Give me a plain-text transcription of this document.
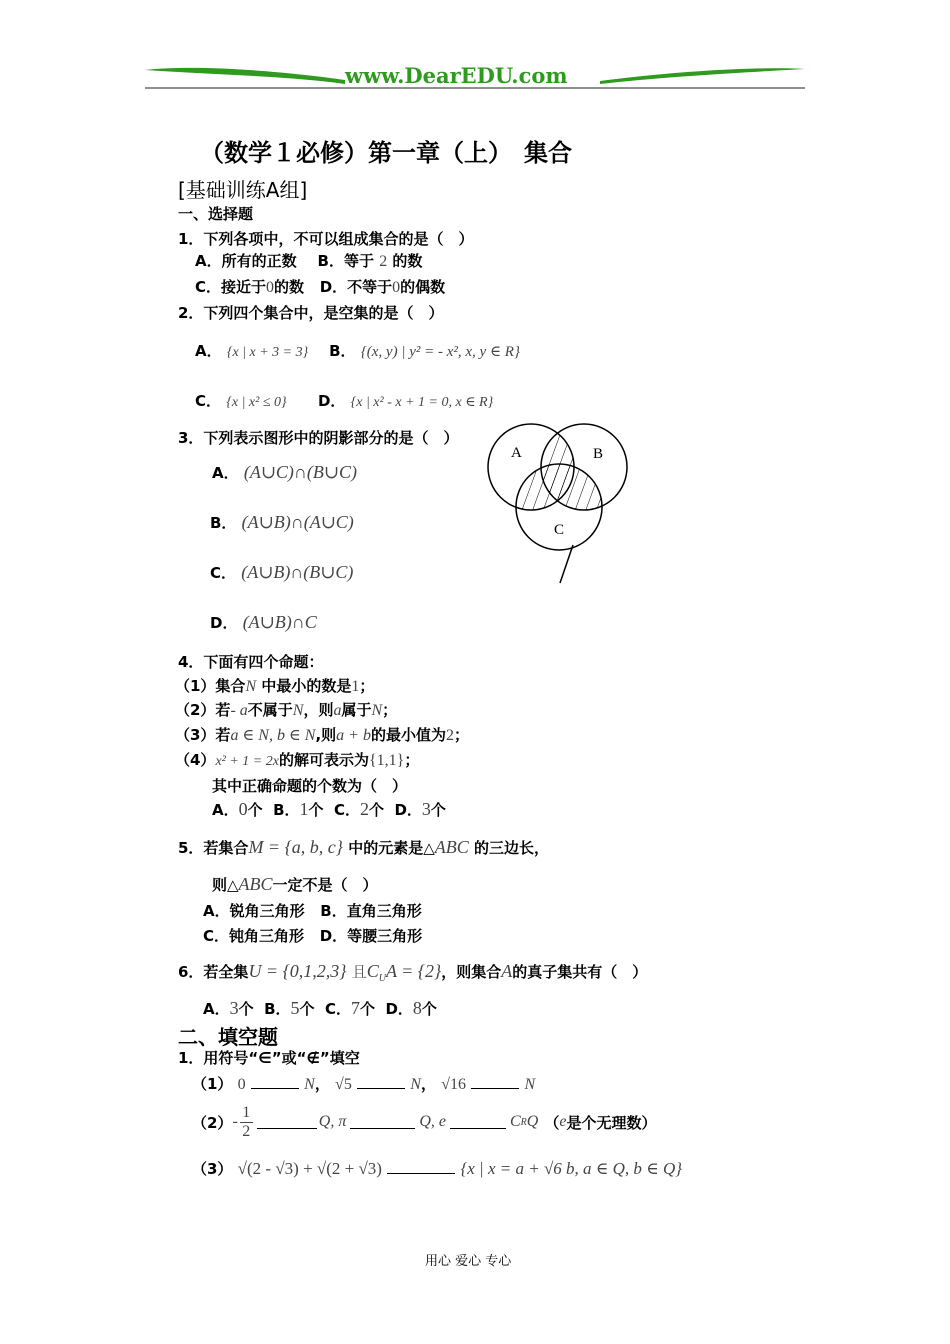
www.DearEDU.com
（数学１必修）第一章（上）　集合
[基础训练A组]
一、选择题
1．下列各项中，不可以组成集合的是（　）
A．所有的正数 B．等于 2 的数
C．接近于0的数 D．不等于0的偶数
2．下列四个集合中，是空集的是（　）
A． {x | x + 3 = 3} B． {(x, y) | y² = - x², x, y ∈ R}
C． {x | x² ≤ 0} D． {x | x² - x + 1 = 0, x ∈ R}
3．下列表示图形中的阴影部分的是（　）
A． (A∪C)∩(B∪C)
B． (A∪B)∩(A∪C)
C． (A∪B)∩(B∪C)
D． (A∪B)∩C
A	B
C
4．下面有四个命题：
（1）集合N 中最小的数是1；
（2）若- a不属于N，则a属于N；
（3）若a ∈ N, b ∈ N,则a + b的最小值为2；
（4）x² + 1 = 2x的解可表示为{1,1}；
其中正确命题的个数为（　）
A．0个 B．1个 C．2个 D．3个
5．若集合M = {a, b, c} 中的元素是△ABC 的三边长，
则△ABC一定不是（　）
A．锐角三角形 B．直角三角形
C．钝角三角形 D．等腰三角形
6．若全集U = {0,1,2,3} 且$C_UA = \{2\}$，则集合A的真子集共有（　）
A．3个 B．5个 C．7个 D．8个
二、填空题
1．用符号“∈”或“∉”填空
（1） 0	N， √5	N， √16	N
（2） -
1
2
Q, π	Q, e	C R Q （ e 是个无理数）
（3） √(2 - √3) + √(2 + √3)	{x | x = a + √6 b, a ∈ Q, b ∈ Q}
用心 爱心 专心
